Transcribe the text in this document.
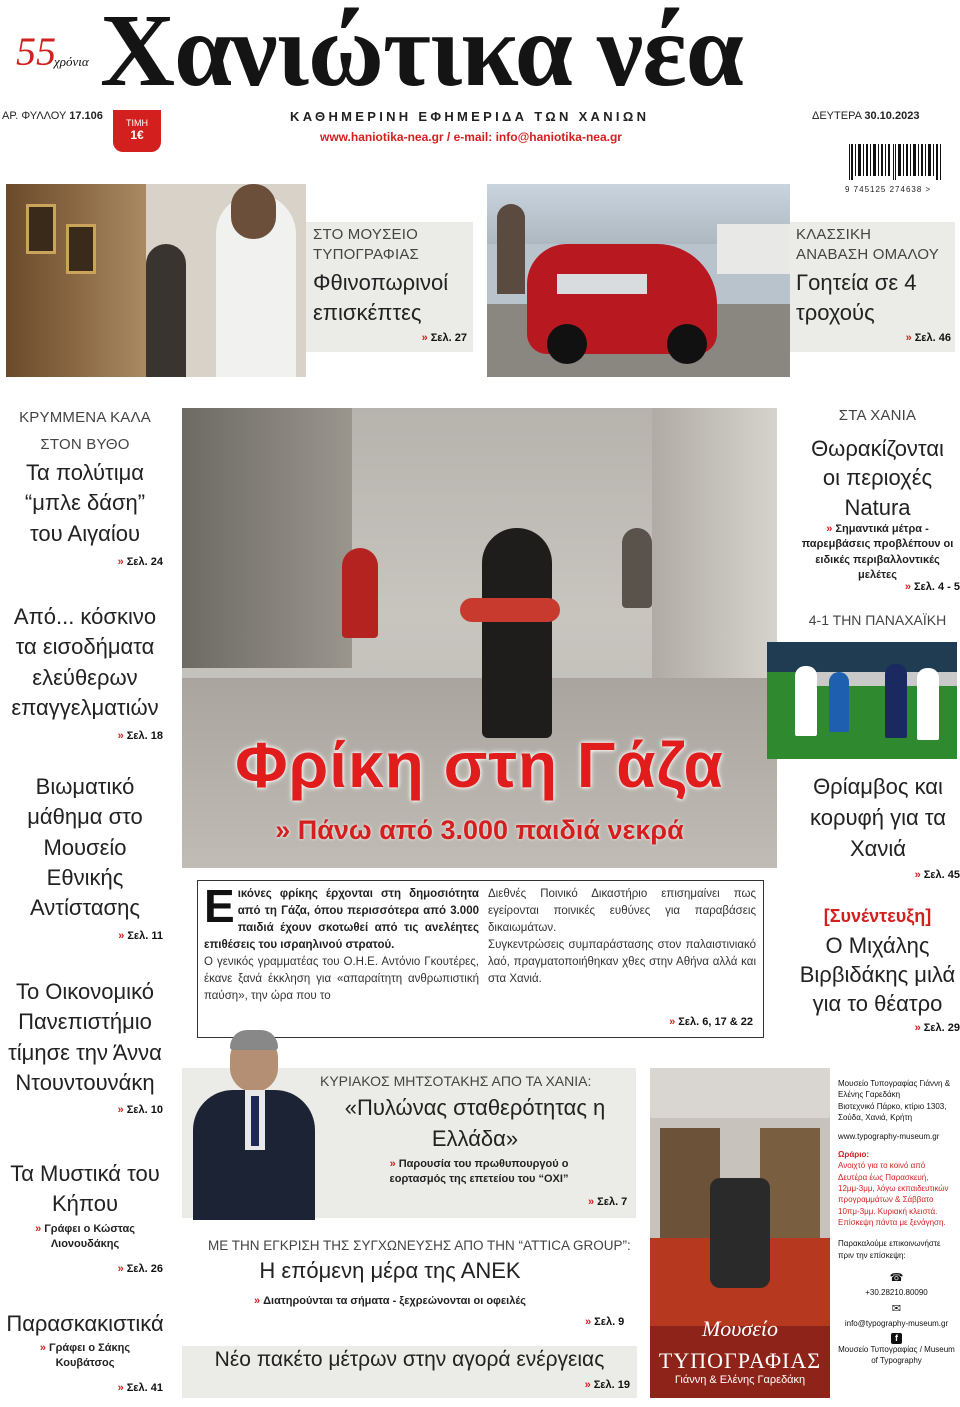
55
χρόνια Χανιώτικα νέα
ΑΡ. ΦΥΛΛΟΥ 17.106
ΤΙΜΗ
1€
ΚΑΘΗΜΕΡΙΝΗ ΕΦΗΜΕΡΙΔΑ ΤΩΝ ΧΑΝΙΩΝ
www.haniotika-nea.gr / e-mail: info@haniotika-nea.gr
ΔΕΥΤΕΡΑ 30.10.2023
9 745125 274638 >
ΣΤΟ ΜΟΥΣΕΙΟ ΤΥΠΟΓΡΑΦΙΑΣ
Φθινοπωρινοί επισκέπτες
» Σελ. 27
ΚΛΑΣΣΙΚΗ ΑΝΑΒΑΣΗ ΟΜΑΛΟΥ
Γοητεία σε 4 τροχούς
» Σελ. 46
ΚΡΥΜΜΕΝΑ ΚΑΛΑ ΣΤΟΝ ΒΥΘΟ
Τα πολύτιμα “μπλε δάση” του Αιγαίου
» Σελ. 24
Από... κόσκινο τα εισοδήματα ελεύθερων επαγγελματιών
» Σελ. 18
Βιωματικό μάθημα στο Μουσείο Εθνικής Αντίστασης
» Σελ. 11
Το Οικονομικό Πανεπιστήμιο τίμησε την Άννα Ντουντουνάκη
» Σελ. 10
Τα Μυστικά του Κήπου
» Γράφει ο Κώστας Λιονουδάκης
» Σελ. 26
Παρασκακιστικά
» Γράφει ο Σάκης Κουβάτσος
» Σελ. 41
Φρίκη στη Γάζα
» Πάνω από 3.000 παιδιά νεκρά
Ε ικόνες φρίκης έρχονται στη δημοσιότητα από τη Γάζα, όπου περισσότερα από 3.000 παιδιά έχουν σκοτωθεί από τις ανελέητες επιθέσεις του ισραηλινού στρατού.
Ο γενικός γραμματέας του Ο.Η.Ε. Αντόνιο Γκουτέρες, έκανε ξανά έκκληση για «απαραίτητη ανθρωπιστική παύση», την ώρα που το
Διεθνές Ποινικό Δικαστήριο επισημαίνει πως εγείρονται ποινικές ευθύνες για παραβάσεις δικαιωμάτων.
Συγκεντρώσεις συμπαράστασης στον παλαιστινιακό λαό, πραγματοποιήθηκαν χθες στην Αθήνα αλλά και στα Χανιά.
» Σελ. 6, 17 & 22
ΣΤΑ ΧΑΝΙΑ
Θωρακίζονται οι περιοχές Natura
» Σημαντικά μέτρα - παρεμβάσεις προβλέπουν οι ειδικές περιβαλλοντικές μελέτες
» Σελ. 4 - 5
4-1 ΤΗΝ ΠΑΝΑΧΑΪΚΗ
Θρίαμβος και κορυφή για τα Χανιά
» Σελ. 45
[Συνέντευξη]
Ο Μιχάλης Βιρβιδάκης μιλά για το θέατρο
» Σελ. 29
ΚΥΡΙΑΚΟΣ ΜΗΤΣΟΤΑΚΗΣ ΑΠΟ ΤΑ ΧΑΝΙΑ:
«Πυλώνας σταθερότητας η Ελλάδα»
» Παρουσία του πρωθυπουργού ο εορτασμός της επετείου του “ΟΧΙ”
» Σελ. 7
ΜΕ ΤΗΝ ΕΓΚΡΙΣΗ ΤΗΣ ΣΥΓΧΩΝΕΥΣΗΣ ΑΠΟ ΤΗΝ “ATTICA GROUP”:
Η επόμενη μέρα της ΑΝΕΚ
» Διατηρούνται τα σήματα - ξεχρεώνονται οι οφειλές
» Σελ. 9
Νέο πακέτο μέτρων στην αγορά ενέργειας
» Σελ. 19
Μουσείο
ΤΥΠΟΓΡΑΦΙΑΣ
Γιάννη & Ελένης Γαρεδάκη
Μουσείο Τυπογραφίας Γιάννη & Ελένης Γαρεδάκη
Βιοτεχνικό Πάρκο, κτίριο 1303, Σούδα, Χανιά, Κρήτη
www.typography-museum.gr
Ωράριο:
Ανοιχτό για το κοινό από Δευτέρα έως Παρασκευή, 12μμ-3μμ, λόγω εκπαιδευτικών προγραμμάτων & Σάββατο 10πμ-3μμ. Κυριακή κλειστά. Επίσκεψη πάντα με ξενάγηση.
Παρακαλούμε επικοινωνήστε πριν την επίσκεψη:
☎
+30.28210.80090
✉
info@typography-museum.gr
f
Μουσείο Τυπογραφίας / Museum of Typography
